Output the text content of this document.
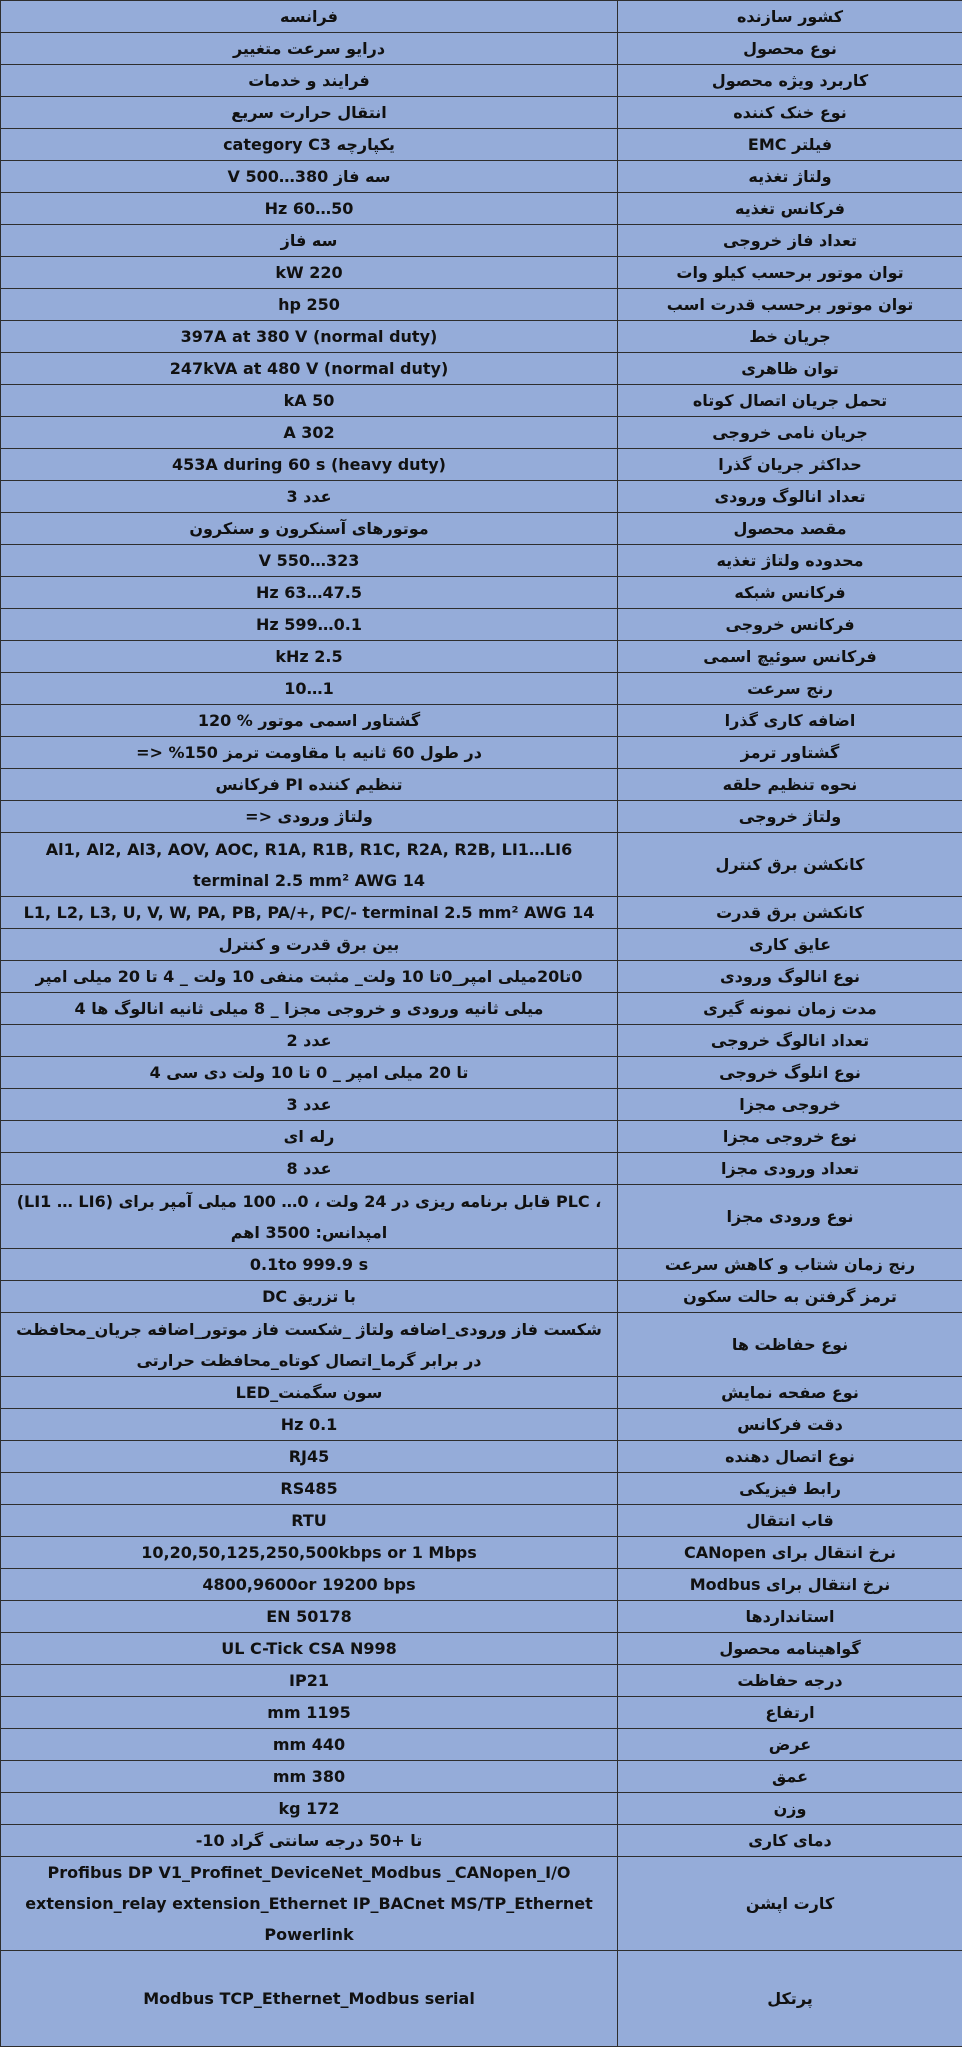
کشور سازنده	فرانسه
نوع محصول	درایو سرعت متغییر
کاربرد ویژه محصول	فرایند و خدمات
نوع خنک کننده	انتقال حرارت سریع
فیلتر EMC	یکپارچه category C3
ولتاژ تغذیه	سه فاز 380…500 V
فرکانس تغذیه	50…60 Hz
تعداد فاز خروجی	سه فاز
توان موتور برحسب کیلو وات	220 kW
توان موتور برحسب قدرت اسب	250 hp
جریان خط	397A at 380 V (normal duty)
توان ظاهری	247kVA at 480 V (normal duty)
تحمل جریان اتصال کوتاه	50 kA
جریان نامی خروجی	302 A
حداکثر جریان گذرا	453A during 60 s (heavy duty)
تعداد انالوگ ورودی	عدد 3
مقصد محصول	موتورهای آسنکرون و سنکرون
محدوده ولتاژ تغذیه	323…550 V
فرکانس شبکه	47.5…63 Hz
فرکانس خروجی	0.1…599 Hz
فرکانس سوئیچ اسمی	2.5 kHz
رنج سرعت	1…10
اضافه کاری گذرا	گشتاور اسمی موتور % 120
گشتاور ترمز	در طول 60 ثانیه با مقاومت ترمز 150% <=
نحوه تنظیم حلقه	تنظیم کننده PI فرکانس
ولتاژ خروجی	ولتاژ ورودی <=
کانکشن برق کنترل	Al1, Al2, Al3, AOV, AOC, R1A, R1B, R1C, R2A, R2B, LI1…LI6 terminal 2.5 mm² AWG 14
کانکشن برق قدرت	L1, L2, L3, U, V, W, PA, PB, PA/+, PC/- terminal 2.5 mm² AWG 14
عایق کاری	بین برق قدرت و کنترل
نوع انالوگ ورودی	0تا20میلی امپر_0تا 10 ولت_ مثبت منفی 10 ولت _ 4 تا 20 میلی امپر
مدت زمان نمونه گیری	میلی ثانیه ورودی و خروجی مجزا _ 8 میلی ثانیه انالوگ ها 4
تعداد انالوگ خروجی	عدد 2
نوع انلوگ خروجی	تا 20 میلی امپر _ 0 تا 10 ولت دی سی 4
خروجی مجزا	عدد 3
نوع خروجی مجزا	رله ای
تعداد ورودی مجزا	عدد 8
نوع ورودی مجزا	، PLC قابل برنامه ریزی در 24 ولت ، 0… 100 میلی آمپر برای (LI1 … LI6) امپدانس: 3500 اهم
رنج زمان شتاب و کاهش سرعت	0.1to 999.9 s
ترمز گرفتن به حالت سکون	با تزریق DC
نوع حفاظت ها	شکست فاز ورودی_اضافه ولتاژ _شکست فاز موتور_اضافه جریان_محافظت در برابر گرما_اتصال کوتاه_محافظت حرارتی
نوع صفحه نمایش	سون سگمنت_LED
دقت فرکانس	0.1 Hz
نوع اتصال دهنده	RJ45
رابط فیزیکی	RS485
قاب انتقال	RTU
نرخ انتقال برای CANopen	10,20,50,125,250,500kbps or 1 Mbps
نرخ انتقال برای Modbus	4800,9600or 19200 bps
استانداردها	EN 50178
گواهینامه محصول	UL C-Tick CSA N998
درجه حفاظت	IP21
ارتفاع	1195 mm
عرض	440 mm
عمق	380 mm
وزن	172 kg
دمای کاری	تا +50 درجه سانتی گراد 10-
کارت اپشن	Profibus DP V1_Profinet_DeviceNet_Modbus _CANopen_I/O extension_relay extension_Ethernet IP_BACnet MS/TP_Ethernet Powerlink
پرتکل	Modbus TCP_Ethernet_Modbus serial
